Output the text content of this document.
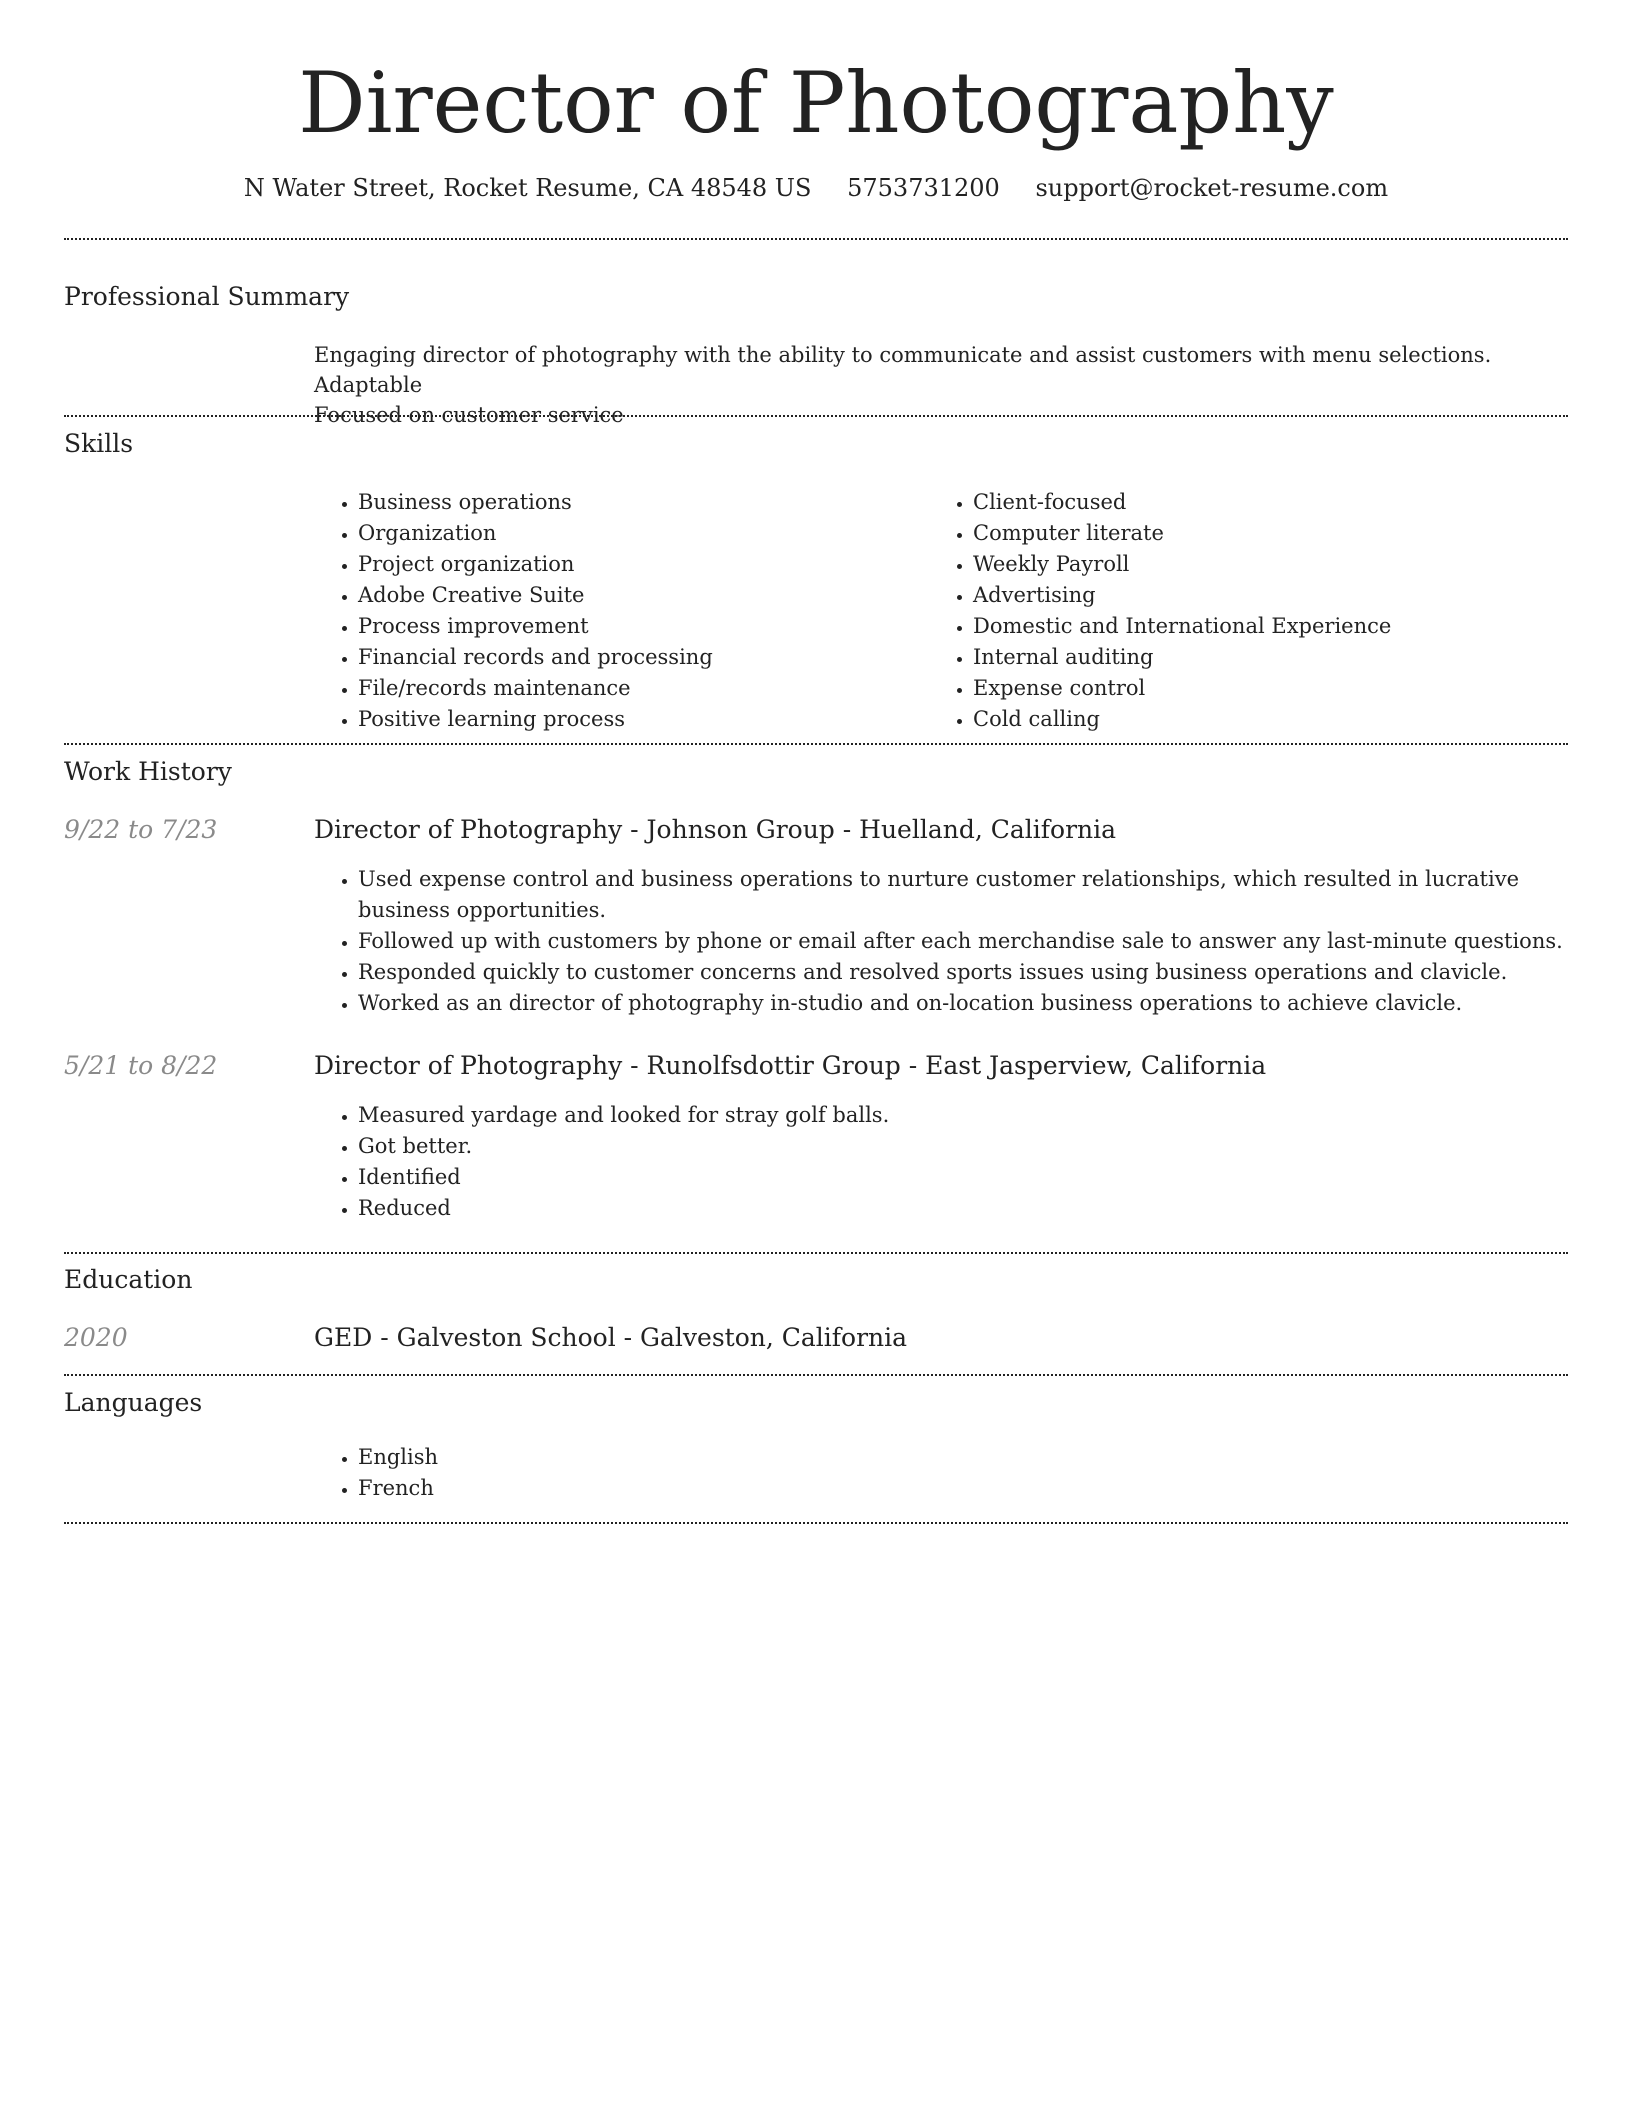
Director of Photography
N Water Street, Rocket Resume, CA 48548 US 5753731200 support@rocket-resume.com
Professional Summary
Engaging director of photography with the ability to communicate and assist customers with menu selections. Adaptable
Focused on customer service
Skills
• Business operations
• Organization
• Project organization
• Adobe Creative Suite
• Process improvement
• Financial records and processing
• File/records maintenance
• Positive learning process
• Client-focused
• Computer literate
• Weekly Payroll
• Advertising
• Domestic and International Experience
• Internal auditing
• Expense control
• Cold calling
Work History
9/22 to 7/23	Director of Photography - Johnson Group - Huelland, California
• Used expense control and business operations to nurture customer relationships, which resulted in lucrative business opportunities.
• Followed up with customers by phone or email after each merchandise sale to answer any last-minute questions.
• Responded quickly to customer concerns and resolved sports issues using business operations and clavicle.
• Worked as an director of photography in-studio and on-location business operations to achieve clavicle.
5/21 to 8/22	Director of Photography - Runolfsdottir Group - East Jasperview, California
• Measured yardage and looked for stray golf balls.
• Got better.
• Identified
• Reduced
Education
2020	GED - Galveston School - Galveston, California
Languages
• English
• French
